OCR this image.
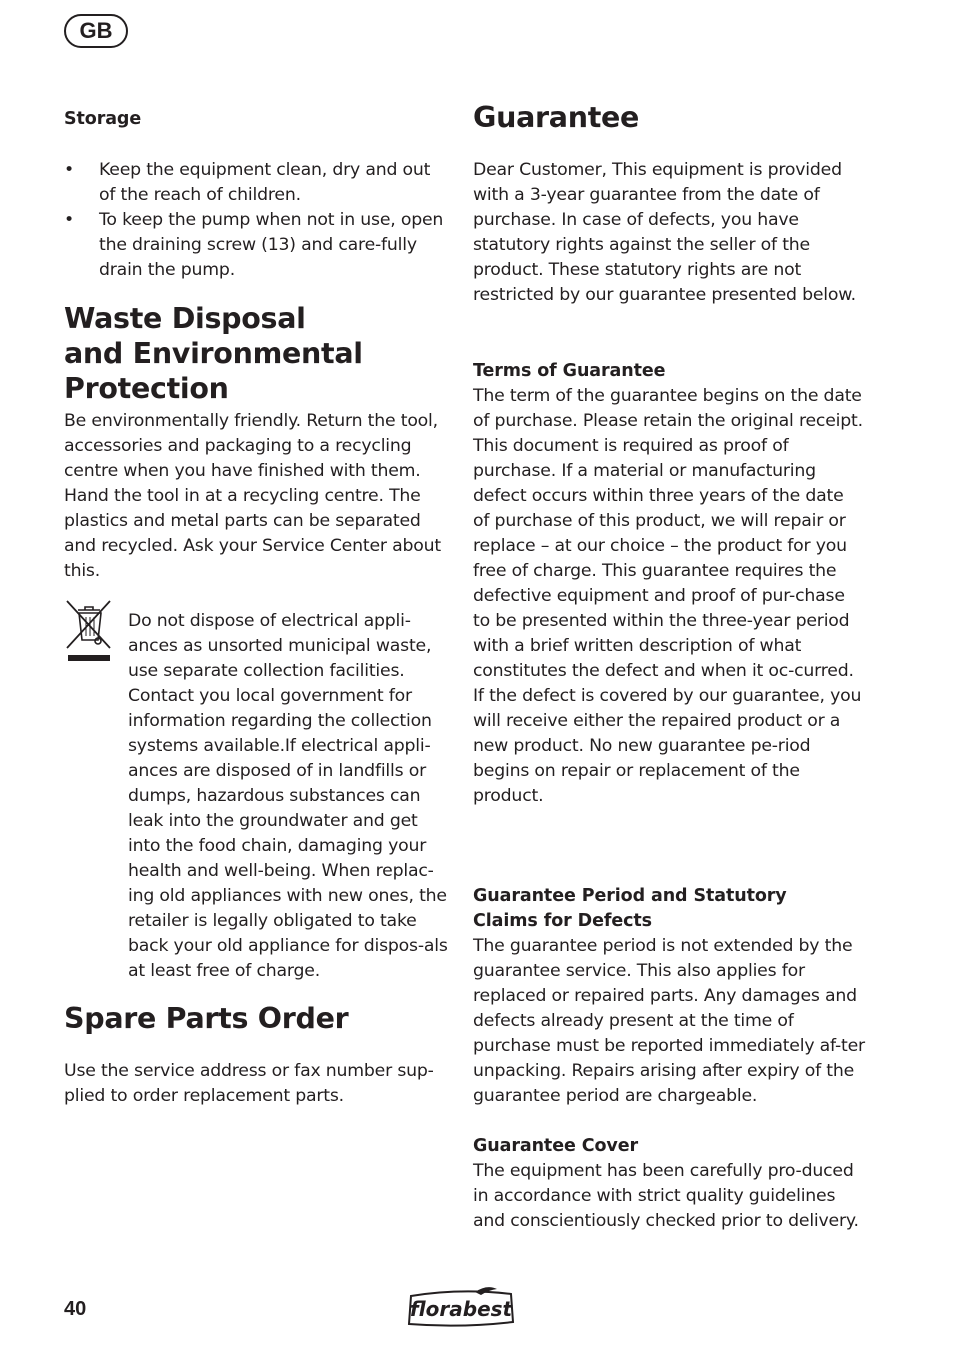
GB
Storage
• Keep the equipment clean, dry and out of the reach of children.
• To keep the pump when not in use, open the draining screw (13) and care-fully drain the pump.
Waste Disposal
and Environmental
Protection

Be environmentally friendly. Return the tool, accessories and packaging to a recycling centre when you have finished with them. Hand the tool in at a recycling centre. The plastics and metal parts can be separated and recycled. Ask your Service Center about this.

Do not dispose of electrical appli-ances as unsorted municipal waste, use separate collection facilities. Contact you local government for information regarding the collection systems available.If electrical appli-ances are disposed of in landfills or dumps, hazardous substances can leak into the groundwater and get into the food chain, damaging your health and well-being. When replac-ing old appliances with new ones, the retailer is legally obligated to take back your old appliance for dispos-als at least free of charge.

Spare Parts Order

Use the service address or fax number sup-plied to order replacement parts.

Guarantee

Dear Customer, This equipment is provided with a 3-year guarantee from the date of purchase. In case of defects, you have statutory rights against the seller of the product. These statutory rights are not restricted by our guarantee presented below.

Terms of Guarantee

The term of the guarantee begins on the date of purchase. Please retain the original receipt. This document is required as proof of purchase. If a material or manufacturing defect occurs within three years of the date of purchase of this product, we will repair or replace – at our choice – the product for you free of charge. This guarantee requires the defective equipment and proof of pur-chase to be presented within the three-year period with a brief written description of what constitutes the defect and when it oc-curred. If the defect is covered by our guarantee, you will receive either the repaired product or a new product. No new guarantee pe-riod begins on repair or replacement of the product.

Guarantee Period and Statutory
Claims for Defects

The guarantee period is not extended by the guarantee service. This also applies for replaced or repaired parts. Any damages and defects already present at the time of purchase must be reported immediately af-ter unpacking. Repairs arising after expiry of the guarantee period are chargeable.

Guarantee Cover

The equipment has been carefully pro-duced in accordance with strict quality guidelines and conscientiously checked prior to delivery.

40	florabest
